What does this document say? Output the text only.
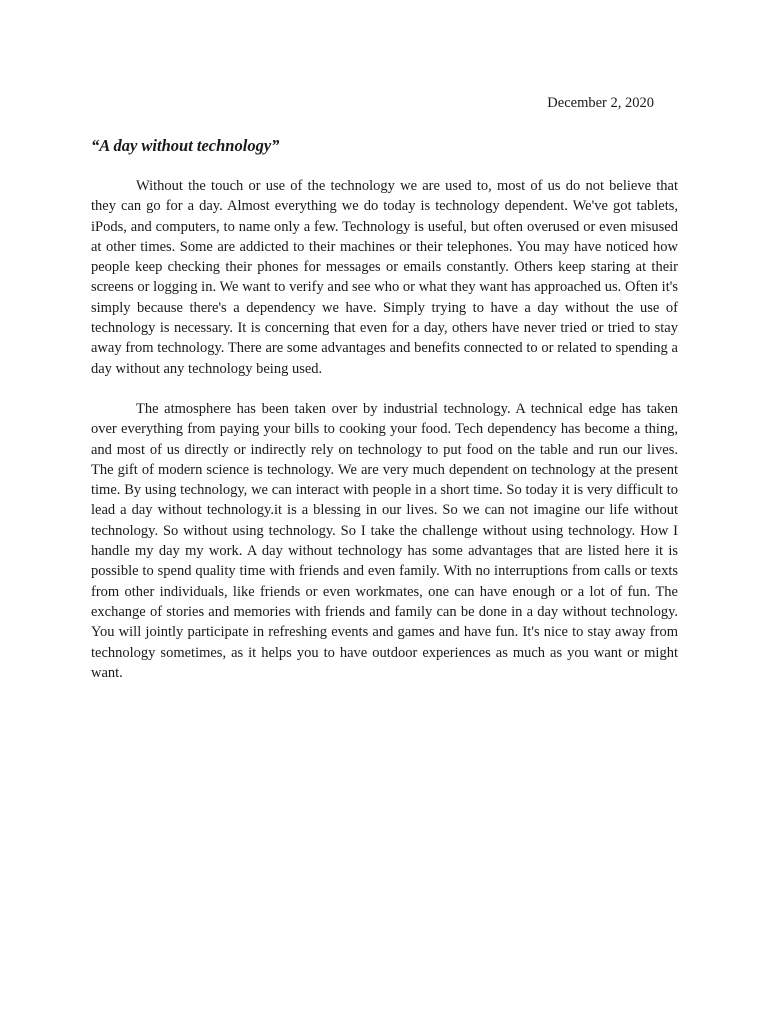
December 2, 2020
“A day without technology”

Without the touch or use of the technology we are used to, most of us do not believe that they can go for a day. Almost everything we do today is technology dependent. We've got tablets, iPods, and computers, to name only a few. Technology is useful, but often overused or even misused at other times. Some are addicted to their machines or their telephones. You may have noticed how people keep checking their phones for messages or emails constantly. Others keep staring at their screens or logging in. We want to verify and see who or what they want has approached us. Often it's simply because there's a dependency we have. Simply trying to have a day without the use of technology is necessary. It is concerning that even for a day, others have never tried or tried to stay away from technology. There are some advantages and benefits connected to or related to spending a day without any technology being used.

The atmosphere has been taken over by industrial technology. A technical edge has taken over everything from paying your bills to cooking your food. Tech dependency has become a thing, and most of us directly or indirectly rely on technology to put food on the table and run our lives. The gift of modern science is technology. We are very much dependent on technology at the present time. By using technology, we can interact with people in a short time. So today it is very difficult to lead a day without technology.it is a blessing in our lives. So we can not imagine our life without technology. So without using technology. So I take the challenge without using technology. How I handle my day my work. A day without technology has some advantages that are listed here it is possible to spend quality time with friends and even family. With no interruptions from calls or texts from other individuals, like friends or even workmates, one can have enough or a lot of fun. The exchange of stories and memories with friends and family can be done in a day without technology. You will jointly participate in refreshing events and games and have fun. It's nice to stay away from technology sometimes, as it helps you to have outdoor experiences as much as you want or might want.
